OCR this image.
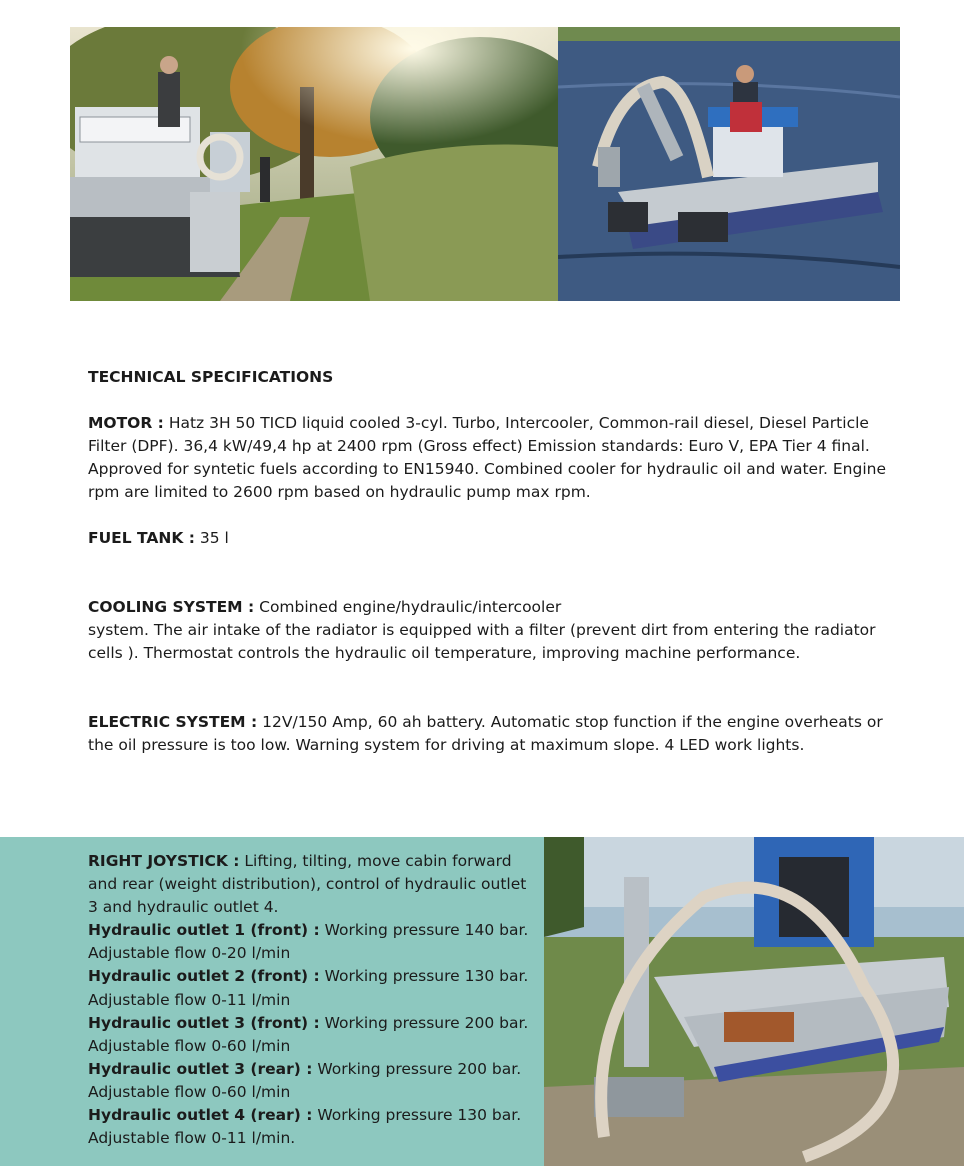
TECHNICAL SPECIFICATIONS

MOTOR : Hatz 3H 50 TICD liquid cooled 3-cyl. Turbo, Intercooler, Common-rail diesel, Diesel Particle Filter (DPF). 36,4 kW/49,4 hp at 2400 rpm (Gross effect) Emission standards: Euro V, EPA Tier 4 final. Approved for syntetic fuels according to EN15940. Combined cooler for hydraulic oil and water. Engine rpm are limited to 2600 rpm based on hydraulic pump max rpm.

FUEL TANK : 35 l

COOLING SYSTEM : Combined engine/hydraulic/intercooler
system. The air intake of the radiator is equipped with a filter (prevent dirt from entering the radiator cells ). Thermostat controls the hydraulic oil temperature, improving machine performance.

ELECTRIC SYSTEM : 12V/150 Amp, 60 ah battery. Automatic stop function if the engine overheats or the oil pressure is too low. Warning system for driving at maximum slope. 4 LED work lights.

RIGHT JOYSTICK : Lifting, tilting, move cabin forward and rear (weight distribution), control of hydraulic outlet 3 and hydraulic outlet 4.

Hydraulic outlet 1 (front) : Working pressure 140 bar.
Adjustable flow 0-20 l/min

Hydraulic outlet 2 (front) : Working pressure 130 bar.
Adjustable flow 0-11 l/min

Hydraulic outlet 3 (front) : Working pressure 200 bar.
Adjustable flow 0-60 l/min

Hydraulic outlet 3 (rear) : Working pressure 200 bar.
Adjustable flow 0-60 l/min

Hydraulic outlet 4 (rear) : Working pressure 130 bar.
Adjustable flow 0-11 l/min.
